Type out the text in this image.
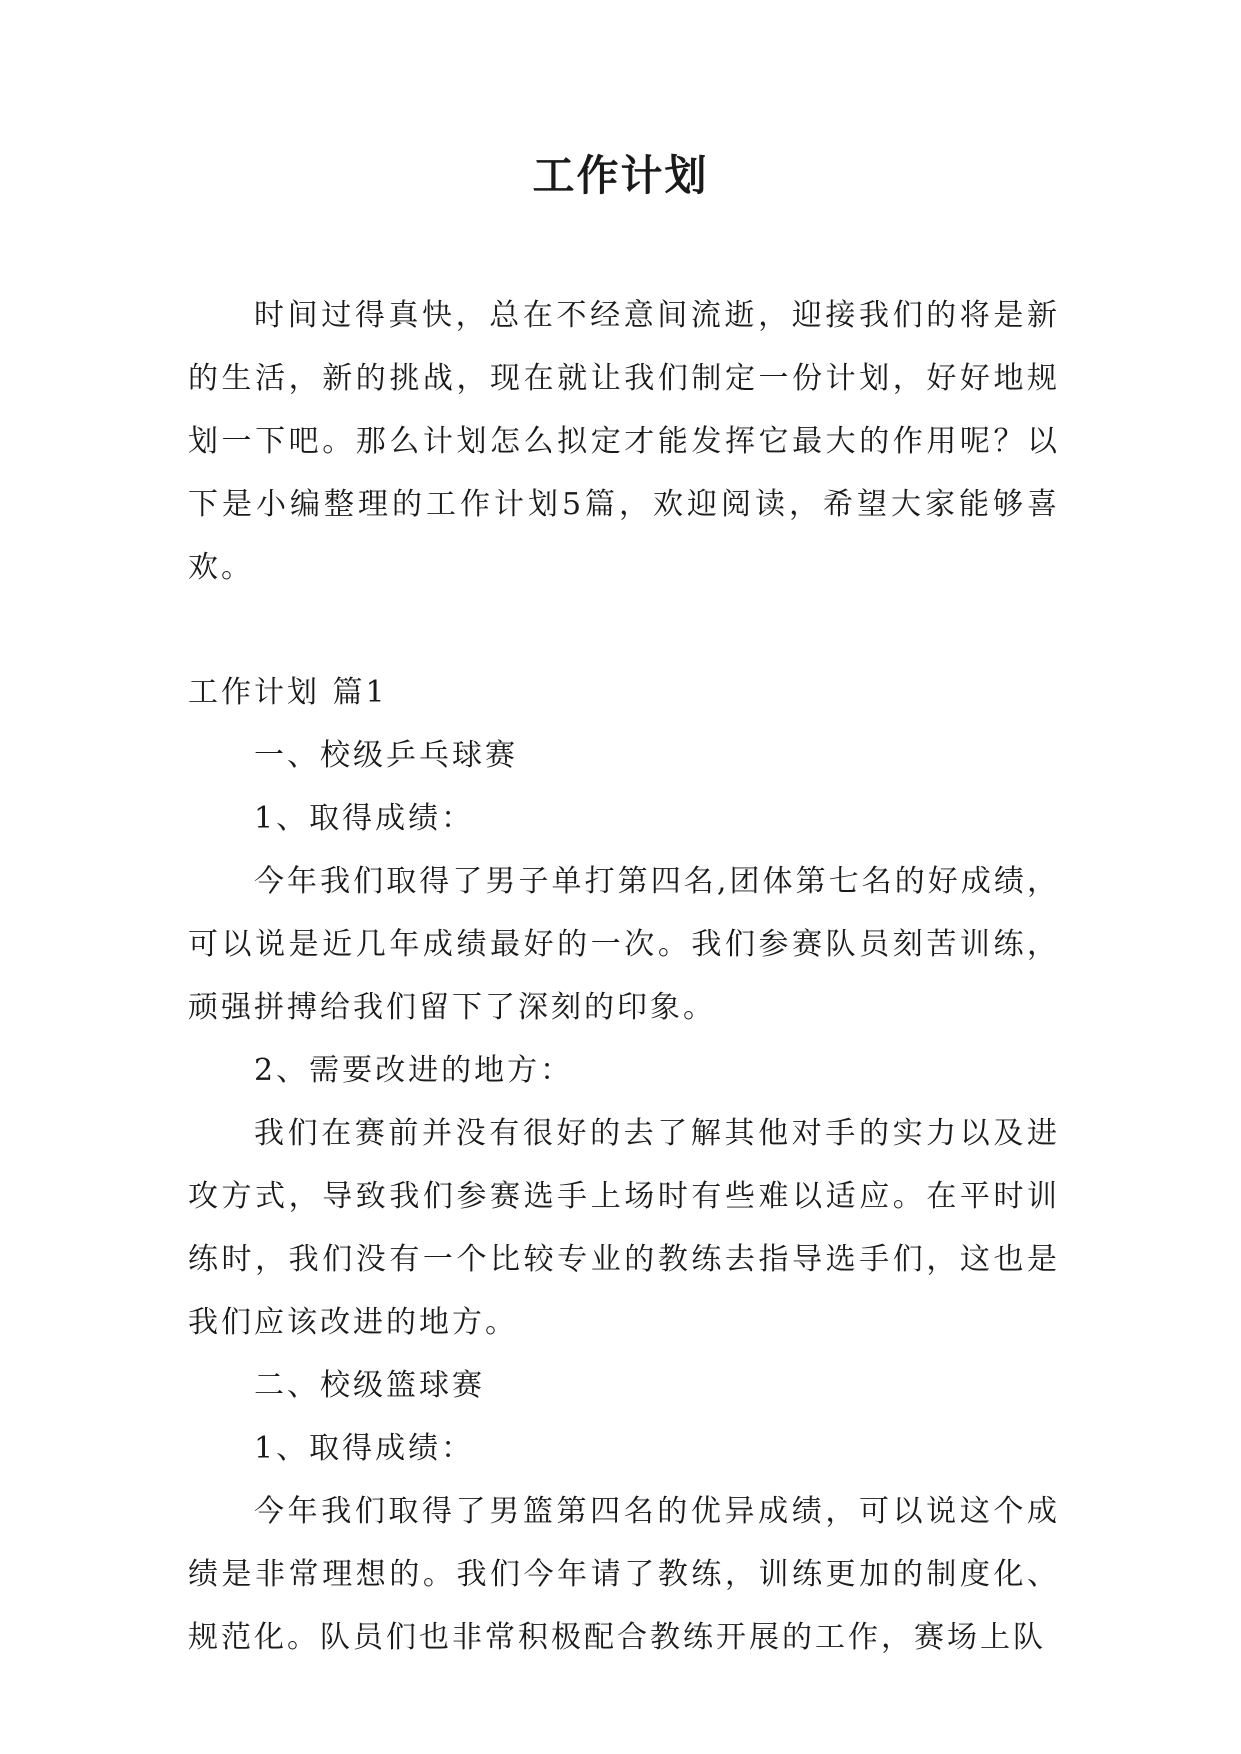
工作计划

时间过得真快，总在不经意间流逝，迎接我们的将是新的生活，新的挑战，现在就让我们制定一份计划，好好地规划一下吧。那么计划怎么拟定才能发挥它最大的作用呢？以下是小编整理的工作计划5篇，欢迎阅读，希望大家能够喜欢。

工作计划 篇1

一、校级乒乓球赛

1、取得成绩：

今年我们取得了男子单打第四名,团体第七名的好成绩，可以说是近几年成绩最好的一次。我们参赛队员刻苦训练，顽强拼搏给我们留下了深刻的印象。

2、需要改进的地方：

我们在赛前并没有很好的去了解其他对手的实力以及进攻方式，导致我们参赛选手上场时有些难以适应。在平时训练时，我们没有一个比较专业的教练去指导选手们，这也是我们应该改进的地方。

二、校级篮球赛

1、取得成绩：

今年我们取得了男篮第四名的优异成绩，可以说这个成绩是非常理想的。我们今年请了教练，训练更加的制度化、规范化。队员们也非常积极配合教练开展的工作，赛场上队
